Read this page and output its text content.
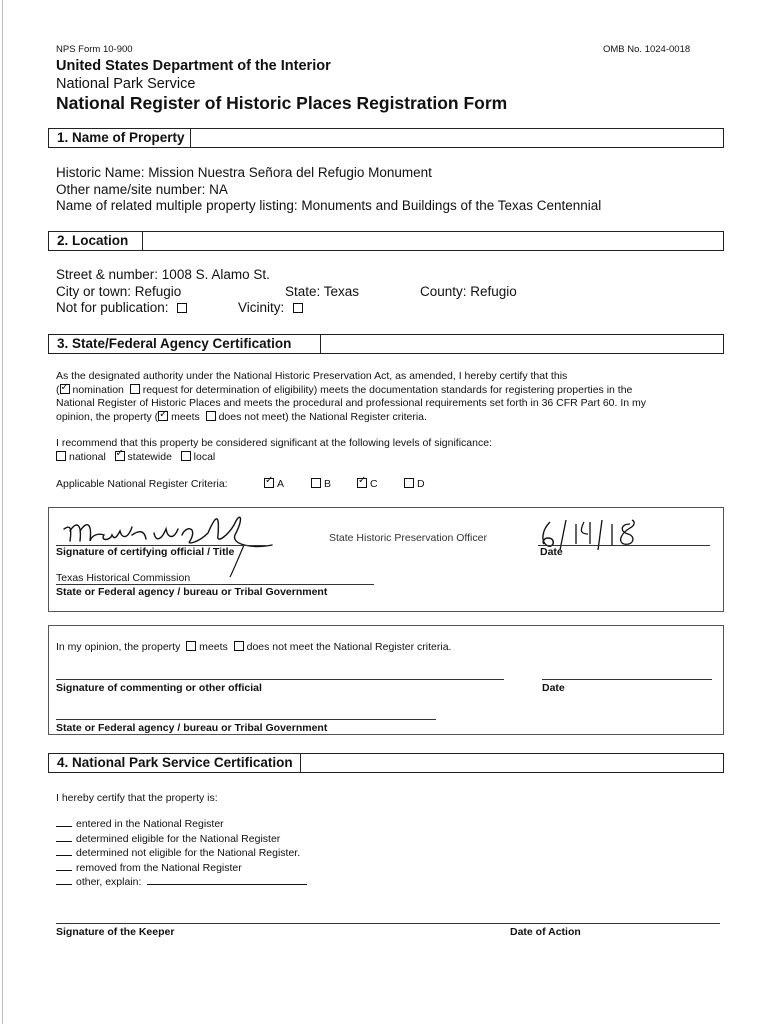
NPS Form 10-900	OMB No. 1024-0018
United States Department of the Interior
National Park Service
National Register of Historic Places Registration Form
1. Name of Property
Historic Name: Mission Nuestra Señora del Refugio Monument
Other name/site number: NA
Name of related multiple property listing: Monuments and Buildings of the Texas Centennial
2. Location
Street & number: 1008 S. Alamo St.
City or town: Refugio	State: Texas	County: Refugio
Not for publication:	Vicinity:
3. State/Federal Agency Certification
As the designated authority under the National Historic Preservation Act, as amended, I hereby certify that this
( ✓ nomination request for determination of eligibility) meets the documentation standards for registering properties in the
National Register of Historic Places and meets the procedural and professional requirements set forth in 36 CFR Part 60. In my
opinion, the property ( ✓ meets does not meet) the National Register criteria.
I recommend that this property be considered significant at the following levels of significance:
national ✓ statewide local
Applicable National Register Criteria: ✓	A	B ✓	C	D
State Historic Preservation Officer
Signature of certifying official / Title	Date
Texas Historical Commission
State or Federal agency / bureau or Tribal Government
In my opinion, the property meets does not meet the National Register criteria.
Signature of commenting or other official	Date
State or Federal agency / bureau or Tribal Government
4. National Park Service Certification
I hereby certify that the property is:
entered in the National Register
determined eligible for the National Register
determined not eligible for the National Register.
removed from the National Register
other, explain:
Signature of the Keeper	Date of Action
